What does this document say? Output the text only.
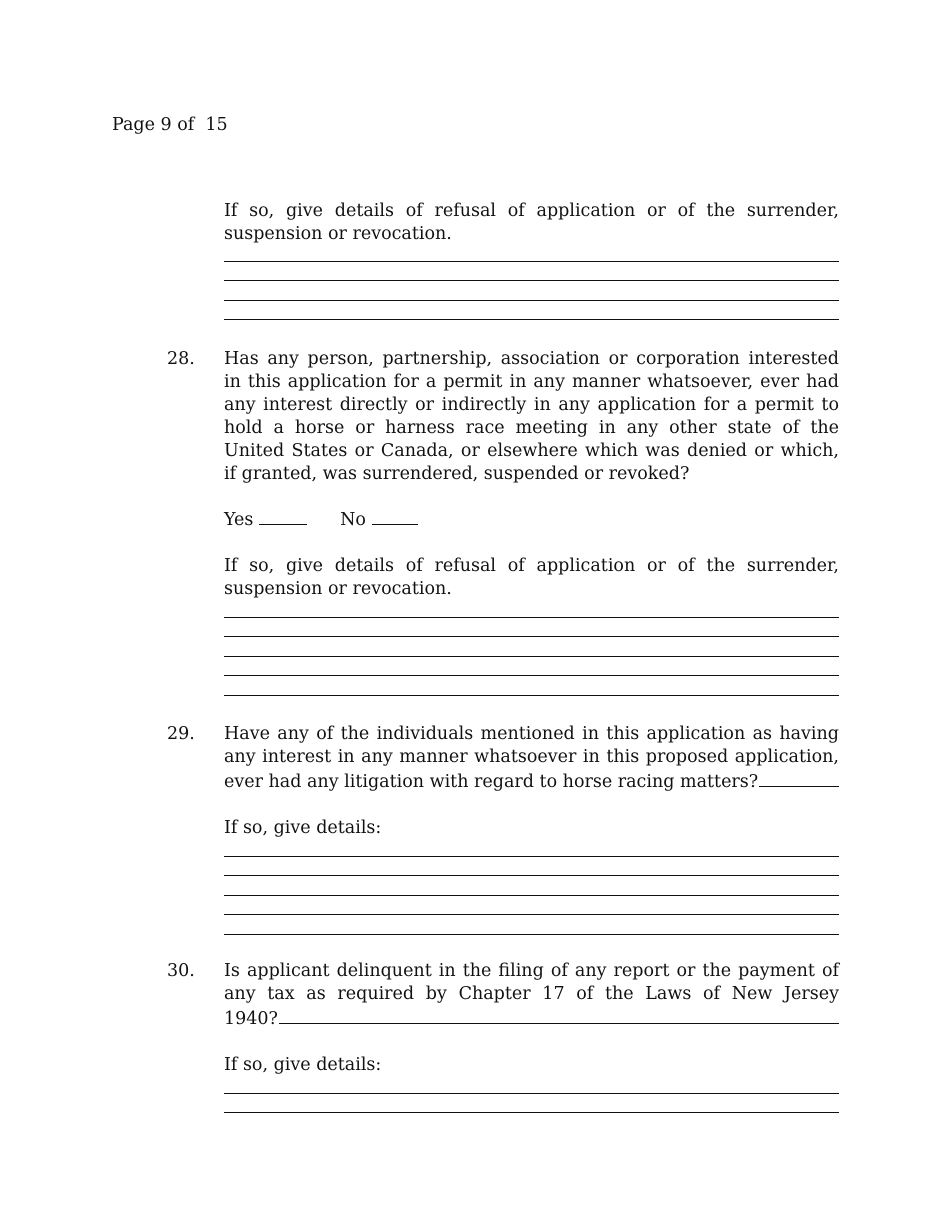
Page 9 of  15

If so, give details of refusal of application or of the surrender, suspension or revocation.

28. Has any person, partnership, association or corporation interested in this application for a permit in any manner whatsoever, ever had any interest directly or indirectly in any application for a permit to hold a horse or harness race meeting in any other state of the United States or Canada, or elsewhere which was denied or which, if granted, was surrendered, suspended or revoked?

Yes	No

If so, give details of refusal of application or of the surrender, suspension or revocation.

29. Have any of the individuals mentioned in this application as having any interest in any manner whatsoever in this proposed application,

ever had any litigation with regard to horse racing matters?

If so, give details:

30. Is applicant delinquent in the filing of any report or the payment of any tax as required by Chapter 17 of the Laws of New Jersey

1940?

If so, give details:
